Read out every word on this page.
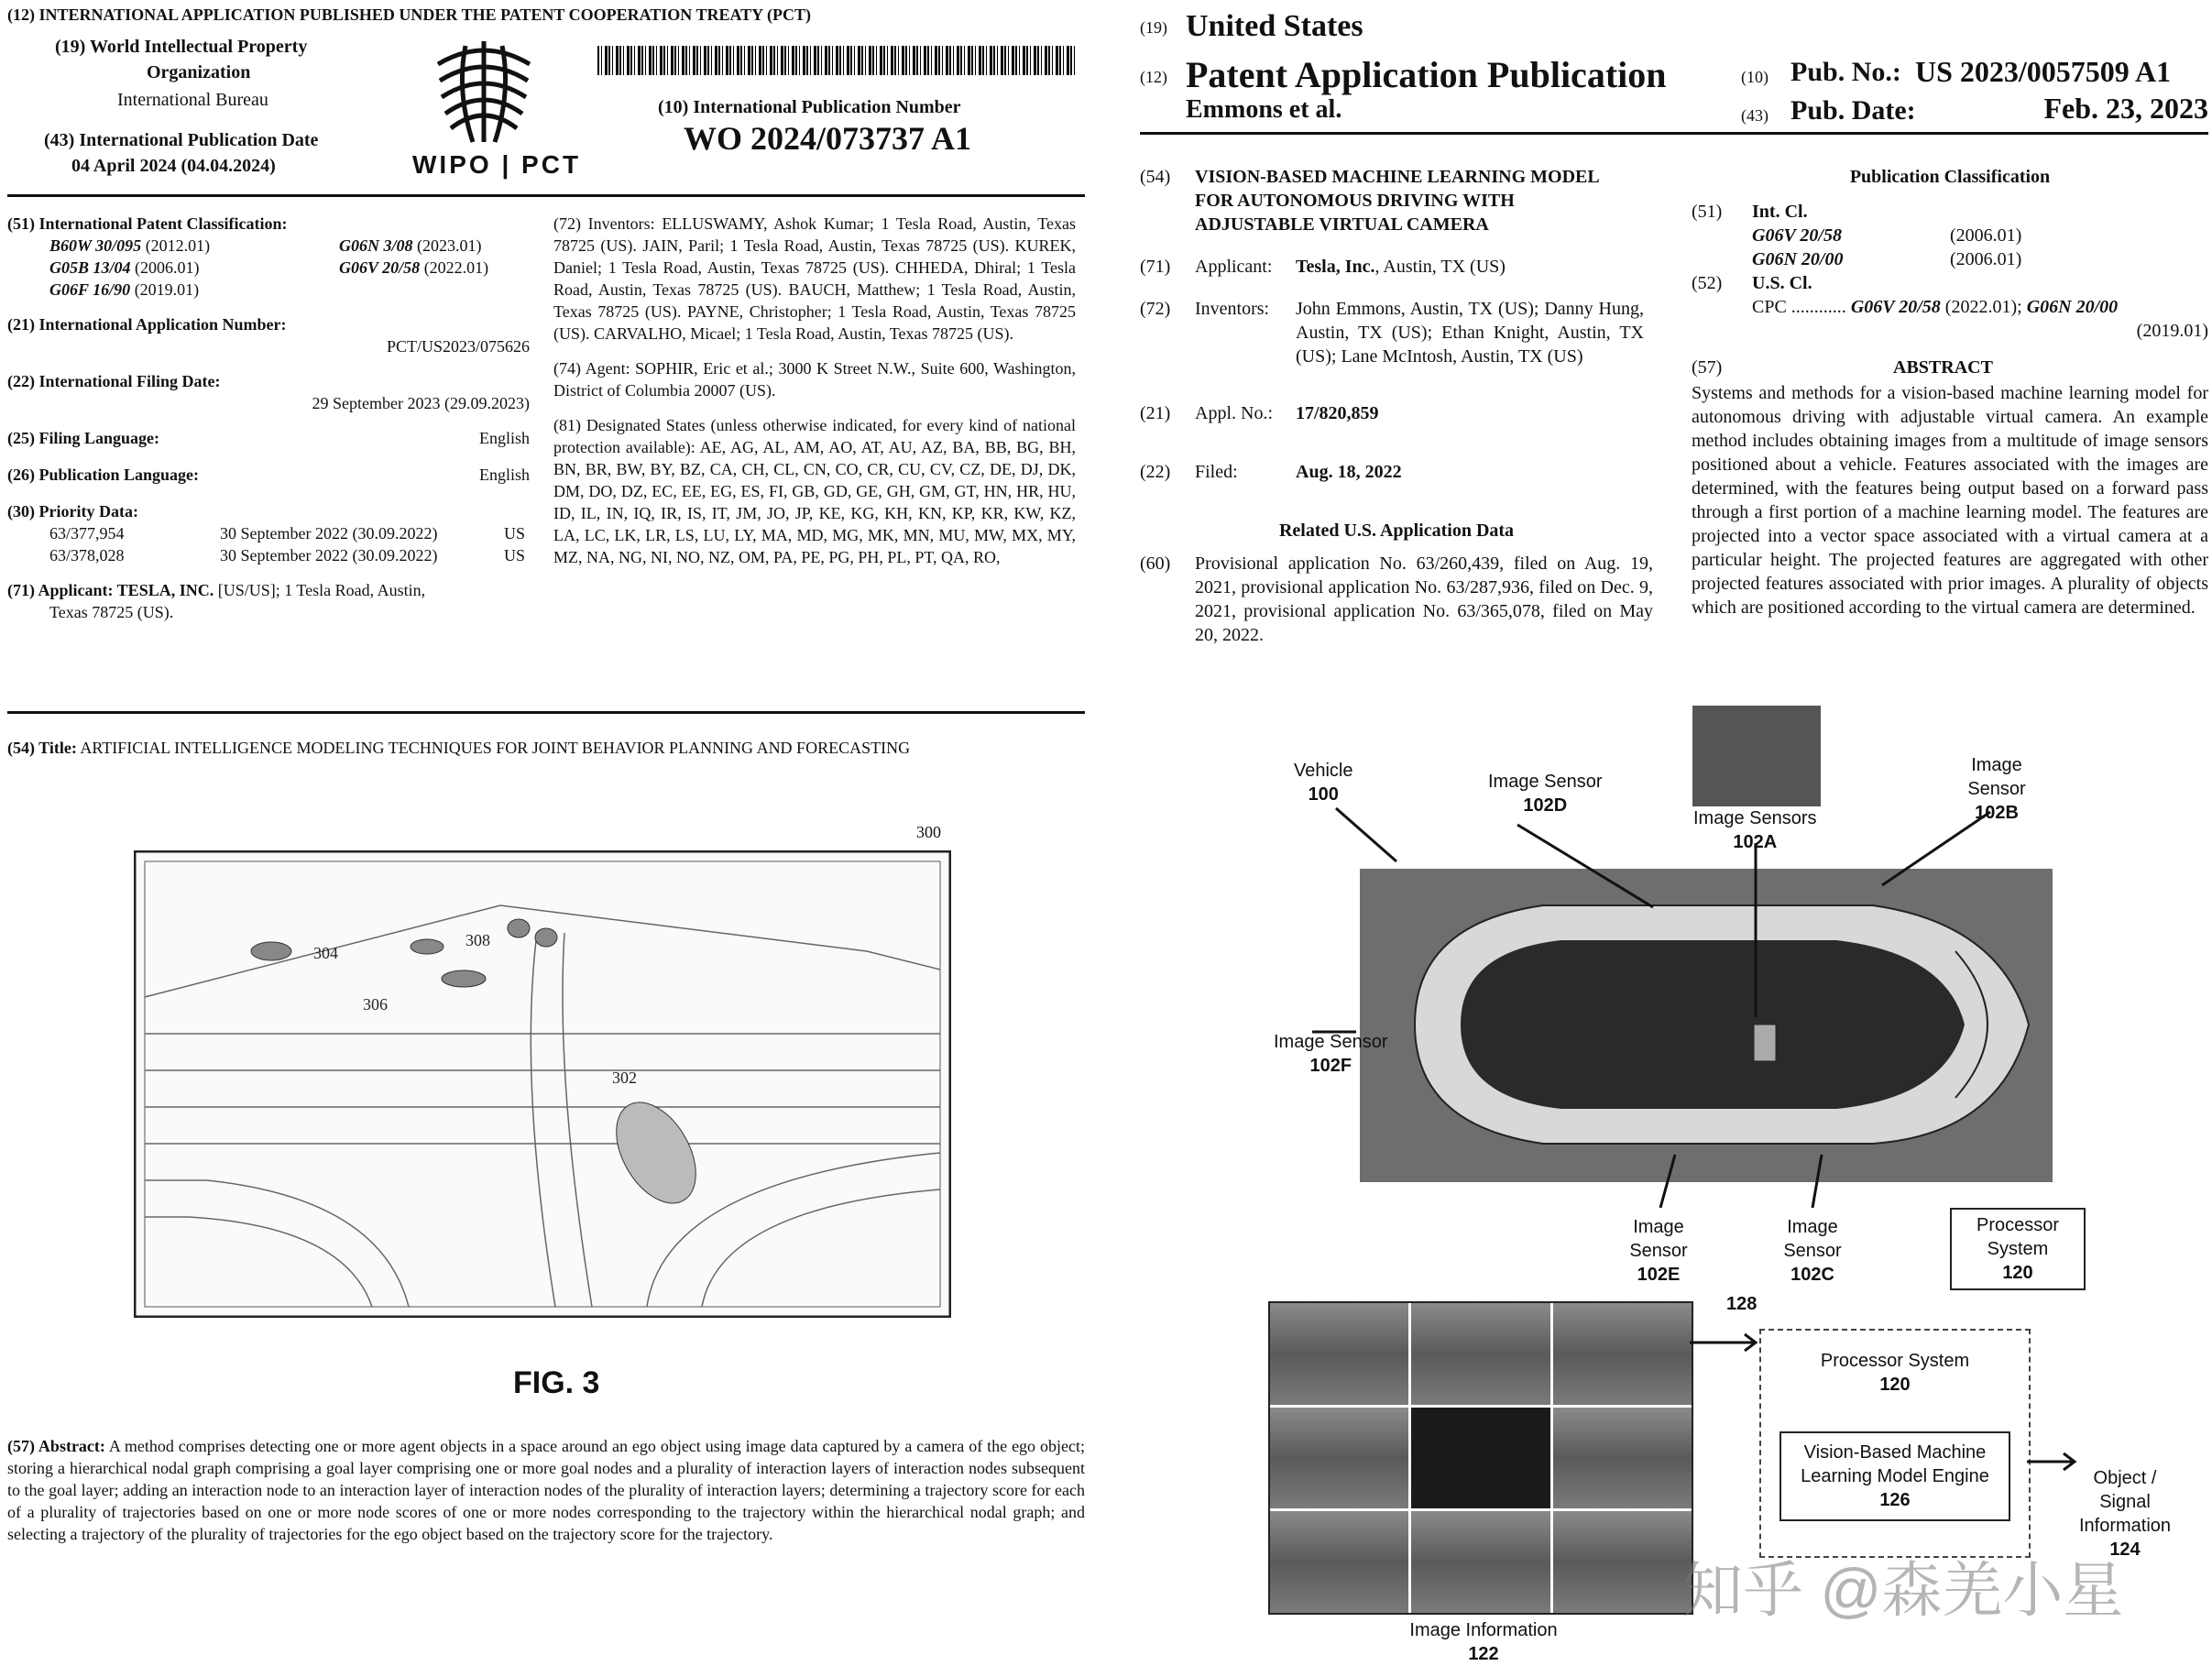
(12) INTERNATIONAL APPLICATION PUBLISHED UNDER THE PATENT COOPERATION TREATY (PCT)
(19) World Intellectual Property
Organization
International Bureau
(43) International Publication Date
04 April 2024 (04.04.2024)	WIPO | PCT
(10) International Publication Number
WO 2024/073737 A1
(51) International Patent Classification:
B60W 30/095 (2012.01)	G06N 3/08 (2023.01)
G05B 13/04 (2006.01)	G06V 20/58 (2022.01)
G06F 16/90 (2019.01)
(21) International Application Number:
PCT/US2023/075626
(22) International Filing Date:
29 September 2023 (29.09.2023)
(25) Filing Language:	English
(26) Publication Language:	English
(30) Priority Data:
63/377,954	30 September 2022 (30.09.2022)	US
63/378,028	30 September 2022 (30.09.2022)	US
(71) Applicant: TESLA, INC. [US/US]; 1 Tesla Road, Austin,
Texas 78725 (US).
(72) Inventors: ELLUSWAMY, Ashok Kumar; 1 Tesla Road, Austin, Texas 78725 (US). JAIN, Paril; 1 Tesla Road, Austin, Texas 78725 (US). KUREK, Daniel; 1 Tesla Road, Austin, Texas 78725 (US). CHHEDA, Dhiral; 1 Tesla Road, Austin, Texas 78725 (US). BAUCH, Matthew; 1 Tesla Road, Austin, Texas 78725 (US). PAYNE, Christopher; 1 Tesla Road, Austin, Texas 78725 (US). CARVALHO, Micael; 1 Tesla Road, Austin, Texas 78725 (US).
(74) Agent: SOPHIR, Eric et al.; 3000 K Street N.W., Suite 600, Washington, District of Columbia 20007 (US).
(81) Designated States (unless otherwise indicated, for every kind of national protection available): AE, AG, AL, AM, AO, AT, AU, AZ, BA, BB, BG, BH, BN, BR, BW, BY, BZ, CA, CH, CL, CN, CO, CR, CU, CV, CZ, DE, DJ, DK, DM, DO, DZ, EC, EE, EG, ES, FI, GB, GD, GE, GH, GM, GT, HN, HR, HU, ID, IL, IN, IQ, IR, IS, IT, JM, JO, JP, KE, KG, KH, KN, KP, KR, KW, KZ, LA, LC, LK, LR, LS, LU, LY, MA, MD, MG, MK, MN, MU, MW, MX, MY, MZ, NA, NG, NI, NO, NZ, OM, PA, PE, PG, PH, PL, PT, QA, RO,
(54) Title: ARTIFICIAL INTELLIGENCE MODELING TECHNIQUES FOR JOINT BEHAVIOR PLANNING AND FORECASTING
300
304
308
306
302
FIG. 3
(57) Abstract: A method comprises detecting one or more agent objects in a space around an ego object using image data captured by a camera of the ego object; storing a hierarchical nodal graph comprising a goal layer comprising one or more goal nodes and a plurality of interaction layers of interaction nodes subsequent to the goal layer; adding an interaction node to an interaction layer of interaction nodes of the plurality of interaction layers; determining a trajectory score for each of a plurality of trajectories based on one or more node scores of one or more nodes corresponding to the trajectory within the hierarchical nodal graph; and selecting a trajectory of the plurality of trajectories for the ego object based on the trajectory score for the trajectory.
(19) United States
(12) Patent Application Publication	(10) Pub. No.: US 2023/0057509 A1
Emmons et al.	(43) Pub. Date:	Feb. 23, 2023
(54)	VISION-BASED MACHINE LEARNING MODEL FOR AUTONOMOUS DRIVING WITH ADJUSTABLE VIRTUAL CAMERA
(71)	Applicant:	Tesla, Inc., Austin, TX (US)
(72)	Inventors:	John Emmons, Austin, TX (US); Danny Hung, Austin, TX (US); Ethan Knight, Austin, TX (US); Lane McIntosh, Austin, TX (US)
(21)	Appl. No.:	17/820,859
(22)	Filed:	Aug. 18, 2022
Related U.S. Application Data
(60)	Provisional application No. 63/260,439, filed on Aug. 19, 2021, provisional application No. 63/287,936, filed on Dec. 9, 2021, provisional application No. 63/365,078, filed on May 20, 2022.
Publication Classification
(51)	Int. Cl.
G06V 20/58	(2006.01)
G06N 20/00	(2006.01)
(52)	U.S. Cl.
CPC ............ G06V 20/58 (2022.01); G06N 20/00
(2019.01)
(57)	ABSTRACT
Systems and methods for a vision-based machine learning model for autonomous driving with adjustable virtual camera. An example method includes obtaining images from a multitude of image sensors positioned about a vehicle. Features associated with the images are determined, with the features being output based on a forward pass through a first portion of a machine learning model. The features are projected into a vector space associated with a virtual camera at a particular height. The projected features are aggregated with other projected features associated with prior images. A plurality of objects which are positioned according to the virtual camera are determined.
Vehicle
100
Image Sensor
102D
Image Sensors
102A
Image Sensor
102B
Image Sensor
102F
Image Sensor
102E
Image Sensor
102C
Processor System
120
128
Processor System
120
Vision-Based Machine Learning Model Engine
126
Object / Signal Information
124
Image Information
122
知乎 @森羌小星
